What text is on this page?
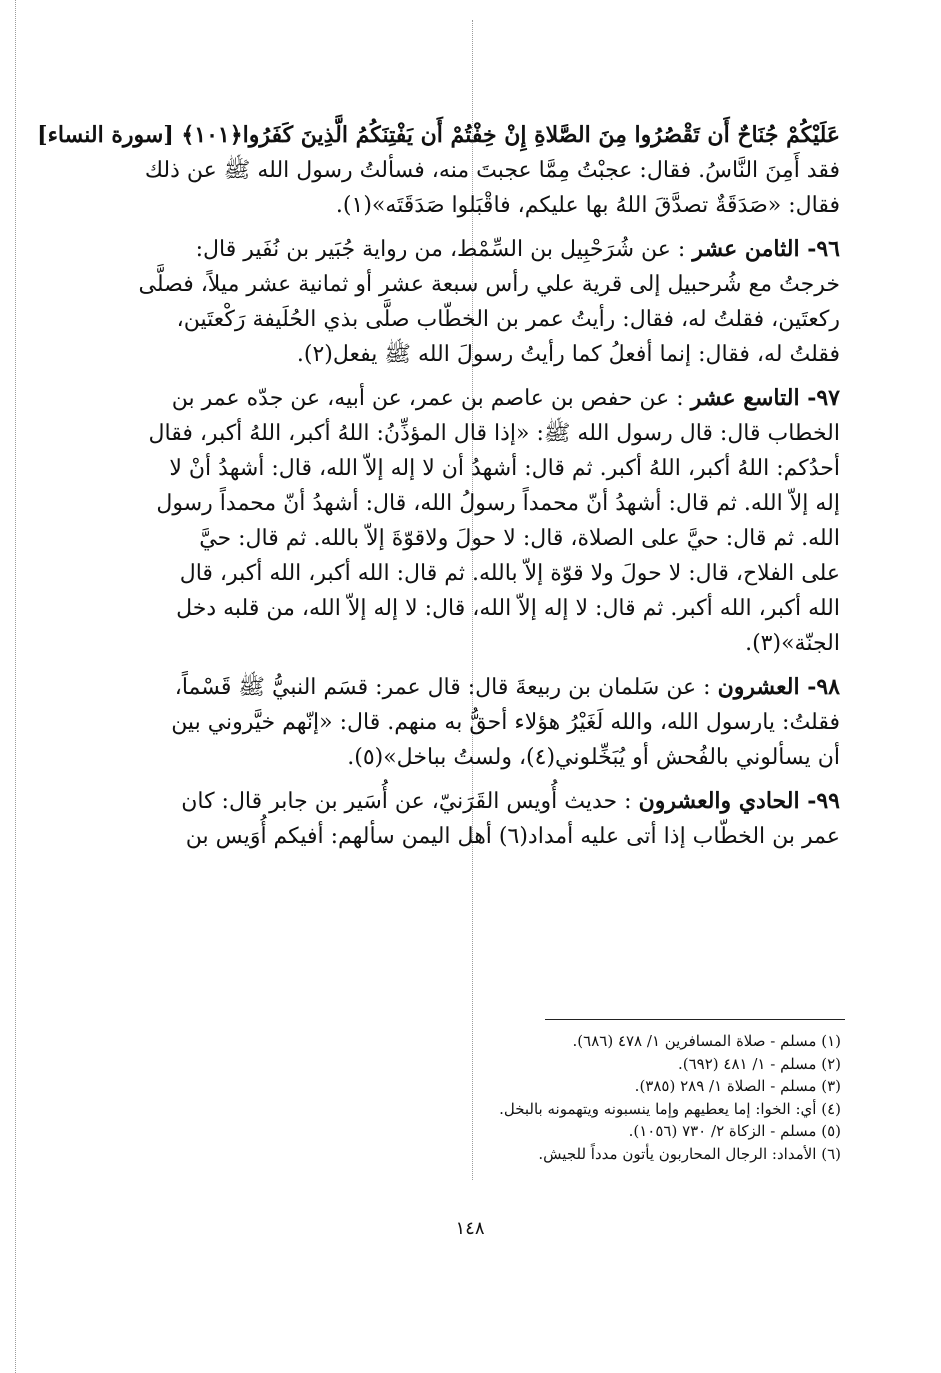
عَلَيْكُمْ جُنَاحٌ أَن تَقْصُرُوا مِنَ الصَّلاةِ إِنْ خِفْتُمْ أَن يَفْتِنَكُمُ الَّذِينَ كَفَرُوا﴿١٠١﴾ [سورة النساء]
فقد أَمِنَ النَّاسُ. فقال: عجبْتُ مِمَّا عجبتَ منه، فسألتُ رسول الله ﷺ عن ذلك
فقال: «صَدَقَةٌ تصدَّقَ اللهُ بها عليكم، فاقْبَلوا صَدَقَتَه»(١).

٩٦- الثامن عشر : عن شُرَحْبِيل بن السِّمْط، من رواية جُبَير بن نُفَير قال:
خرجتُ مع شُرحبيل إلى قرية علي رأس سبعة عشر أو ثمانية عشر ميلاً، فصلَّى
ركعتَين، فقلتُ له، فقال: رأيتُ عمر بن الخطّاب صلَّى بذي الحُلَيفة رَكْعتَين،
فقلتُ له، فقال: إنما أفعلُ كما رأيتُ رسولَ الله ﷺ يفعل(٢).

٩٧- التاسع عشر : عن حفص بن عاصم بن عمر، عن أبيه، عن جدّه عمر بن
الخطاب قال: قال رسول الله ﷺ: «إذا قال المؤذِّنُ: اللهُ أكبر، اللهُ أكبر، فقال
أحدُكم: اللهُ أكبر، اللهُ أكبر. ثم قال: أشهدُ أن لا إله إلاّ الله، قال: أشهدُ أنْ لا
إله إلاّ الله. ثم قال: أشهدُ أنّ محمداً رسولُ الله، قال: أشهدُ أنّ محمداً رسول
الله. ثم قال: حيَّ على الصلاة، قال: لا حولَ ولاقوّةَ إلاّ بالله. ثم قال: حيَّ
على الفلاح، قال: لا حولَ ولا قوّة إلاّ بالله. ثم قال: الله أكبر، الله أكبر، قال
الله أكبر، الله أكبر. ثم قال: لا إله إلاّ الله، قال: لا إله إلاّ الله، من قلبه دخل
الجنّة»(٣).

٩٨- العشرون : عن سَلمان بن ربيعةَ قال: قال عمر: قسَم النبيُّ ﷺ قَسْماً،
فقلتُ: يارسول الله، والله لَغَيْرُ هؤلاء أحقُّ به منهم. قال: «إنّهم خيَّروني بين
أن يسألوني بالفُحش أو يُبَخِّلوني(٤)، ولستُ بباخل»(٥).

٩٩- الحادي والعشرون : حديث أُويس القَرَنيّ، عن أُسَير بن جابر قال: كان
عمر بن الخطّاب إذا أتى عليه أمداد(٦) أهل اليمن سألهم: أفيكم أُوَيس بن

(١) مسلم - صلاة المسافرين ١/ ٤٧٨ (٦٨٦).
(٢) مسلم - ١/ ٤٨١ (٦٩٢).
(٣) مسلم - الصلاة ١/ ٢٨٩ (٣٨٥).
(٤) أي: الخوا: إما يعطيهم وإما ينسبونه ويتهمونه بالبخل.
(٥) مسلم - الزكاة ٢/ ٧٣٠ (١٠٥٦).
(٦) الأمداد: الرجال المحاربون يأتون مدداً للجيش.
١٤٨
